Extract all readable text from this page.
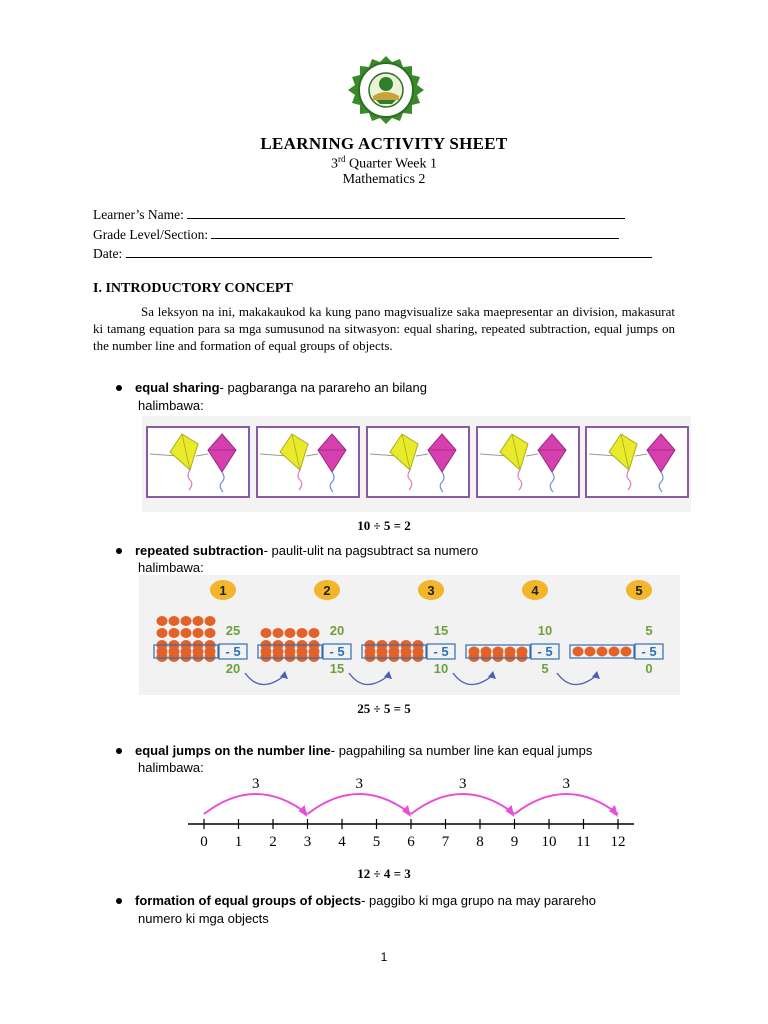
LEARNING ACTIVITY SHEET
3rd Quarter Week 1
Mathematics 2
Learner’s Name:
Grade Level/Section:
Date:
I. INTRODUCTORY CONCEPT
Sa leksyon na ini, makakaukod ka kung pano magvisualize saka maepresentar an division, makasurat ki tamang equation para sa mga sumusunod na sitwasyon: equal sharing, repeated subtraction, equal jumps on the number line and formation of equal groups of objects.
equal sharing- pagbaranga na parareho an bilang
halimbawa:
10 ÷ 5 = 2
repeated subtraction- paulit-ulit na pagsubtract sa numero
halimbawa:
1
25
- 5
20
2
20
- 5
15
3
15
- 5
10
4
10
- 5
5
5
5
- 5
0
25 ÷ 5 = 5
equal jumps on the number line- pagpahiling sa number line kan equal jumps
halimbawa:
0 1 2 3 4 5 6 7 8 9 10 11 12
3	3	3	3
12 ÷ 4 = 3
formation of equal groups of objects- paggibo ki mga grupo na may parareho
numero ki mga objects
1
